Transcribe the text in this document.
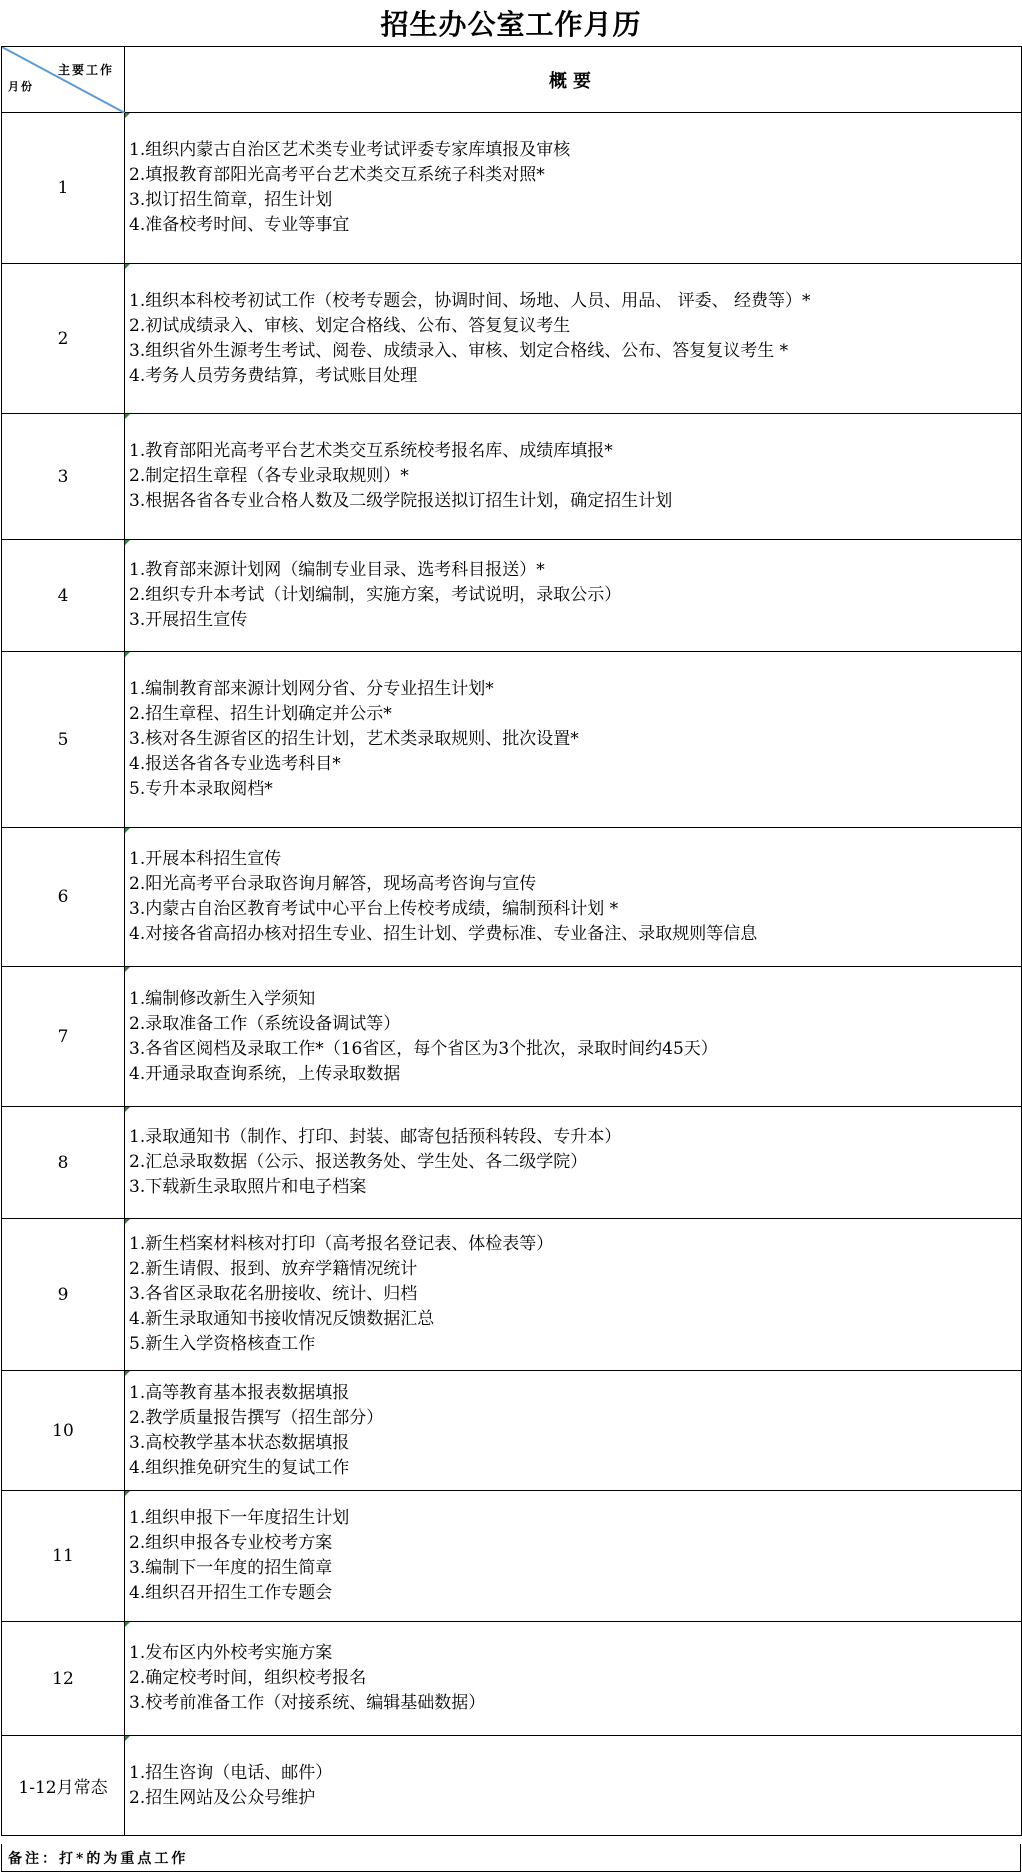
招生办公室工作月历
主要工作
月份	概要
1	1.组织内蒙古自治区艺术类专业考试评委专家库填报及审核
2.填报教育部阳光高考平台艺术类交互系统子科类对照*
3.拟订招生简章，招生计划
4.准备校考时间、专业等事宜

2	1.组织本科校考初试工作（校考专题会，协调时间、场地、人员、用品、 评委、 经费等）*
2.初试成绩录入、审核、划定合格线、公布、答复复议考生
3.组织省外生源考生考试、阅卷、成绩录入、审核、划定合格线、公布、答复复议考生 *
4.考务人员劳务费结算，考试账目处理

3	1.教育部阳光高考平台艺术类交互系统校考报名库、成绩库填报*
2.制定招生章程（各专业录取规则）*
3.根据各省各专业合格人数及二级学院报送拟订招生计划，确定招生计划

4	1.教育部来源计划网（编制专业目录、选考科目报送）*
2.组织专升本考试（计划编制，实施方案，考试说明，录取公示）
3.开展招生宣传

5	1.编制教育部来源计划网分省、分专业招生计划*
2.招生章程、招生计划确定并公示*
3.核对各生源省区的招生计划，艺术类录取规则、批次设置*
4.报送各省各专业选考科目*
5.专升本录取阅档*

6	1.开展本科招生宣传
2.阳光高考平台录取咨询月解答，现场高考咨询与宣传
3.内蒙古自治区教育考试中心平台上传校考成绩，编制预科计划 *
4.对接各省高招办核对招生专业、招生计划、学费标准、专业备注、录取规则等信息

7	1.编制修改新生入学须知
2.录取准备工作（系统设备调试等）
3.各省区阅档及录取工作*（16省区，每个省区为3个批次，录取时间约45天）
4.开通录取查询系统，上传录取数据

8	1.录取通知书（制作、打印、封装、邮寄包括预科转段、专升本）
2.汇总录取数据（公示、报送教务处、学生处、各二级学院）
3.下载新生录取照片和电子档案

9	1.新生档案材料核对打印（高考报名登记表、体检表等）
2.新生请假、报到、放弃学籍情况统计
3.各省区录取花名册接收、统计、归档
4.新生录取通知书接收情况反馈数据汇总
5.新生入学资格核查工作

10	1.高等教育基本报表数据填报
2.教学质量报告撰写（招生部分）
3.高校教学基本状态数据填报
4.组织推免研究生的复试工作

11	1.组织申报下一年度招生计划
2.组织申报各专业校考方案
3.编制下一年度的招生简章
4.组织召开招生工作专题会

12	1.发布区内外校考实施方案
2.确定校考时间，组织校考报名
3.校考前准备工作（对接系统、编辑基础数据）

1-12月常态	1.招生咨询（电话、邮件）
2.招生网站及公众号维护
备注：打*的为重点工作
